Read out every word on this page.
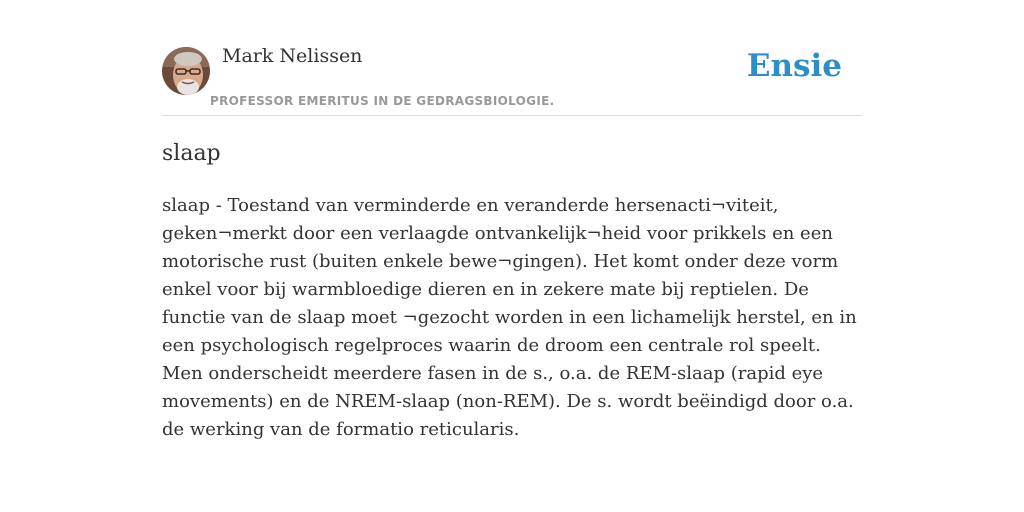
Mark Nelissen
PROFESSOR EMERITUS IN DE GEDRAGSBIOLOGIE.
Ensie
slaap

slaap - Toestand van verminderde en veranderde hersenacti¬viteit, geken¬merkt door een verlaagde ontvankelijk¬heid voor prikkels en een motorische rust (buiten enkele bewe¬gingen). Het komt onder deze vorm enkel voor bij warmbloedige dieren en in zekere mate bij reptielen. De functie van de slaap moet ¬gezocht worden in een lichamelijk herstel, en in een psychologisch regelproces waarin de droom een centrale rol speelt. Men onderscheidt meerdere fasen in de s., o.a. de REM-slaap (rapid eye movements) en de NREM-slaap (non-REM). De s. wordt beëindigd door o.a. de werking van de formatio reticularis.
